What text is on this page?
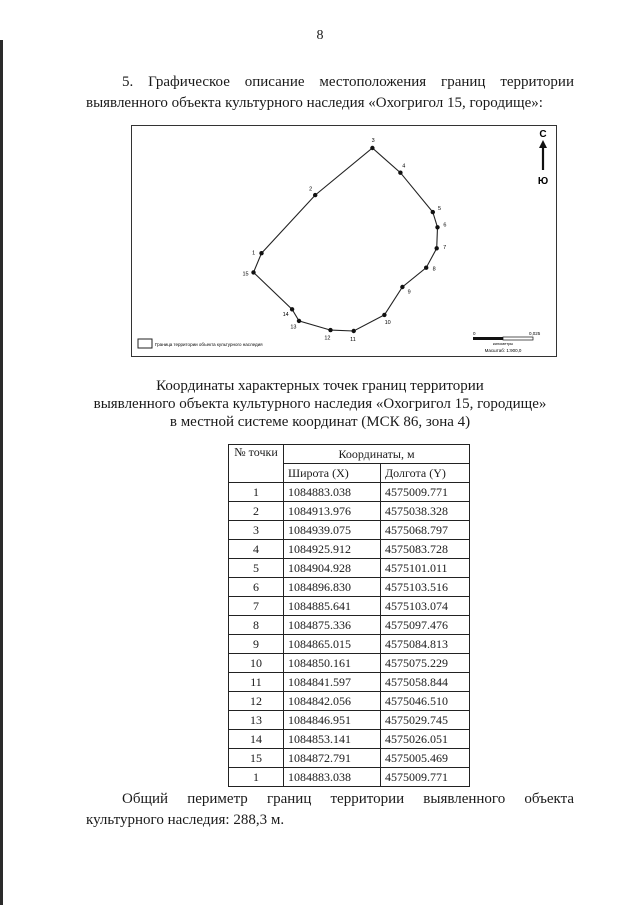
8
5. Графическое описание местоположения границ территории выявленного объекта культурного наследия «Охогригол 15, городище»:
1
2
3
4
5
6
7
8
9
10
11
12
13
14
15
С
Ю
Граница территории объекта культурного наследия
0	0,025
километры
Масштаб: 1:900,0
Координаты характерных точек границ территории
выявленного объекта культурного наследия «Охогригол 15, городище»
в местной системе координат (МСК 86, зона 4)
№ точки	Координаты, м	
	Широта (X)	Долгота (Y)
1	1084883.038	4575009.771
2	1084913.976	4575038.328
3	1084939.075	4575068.797
4	1084925.912	4575083.728
5	1084904.928	4575101.011
6	1084896.830	4575103.516
7	1084885.641	4575103.074
8	1084875.336	4575097.476
9	1084865.015	4575084.813
10	1084850.161	4575075.229
11	1084841.597	4575058.844
12	1084842.056	4575046.510
13	1084846.951	4575029.745
14	1084853.141	4575026.051
15	1084872.791	4575005.469
1	1084883.038	4575009.771
Общий периметр границ территории выявленного объекта культурного наследия: 288,3 м.
